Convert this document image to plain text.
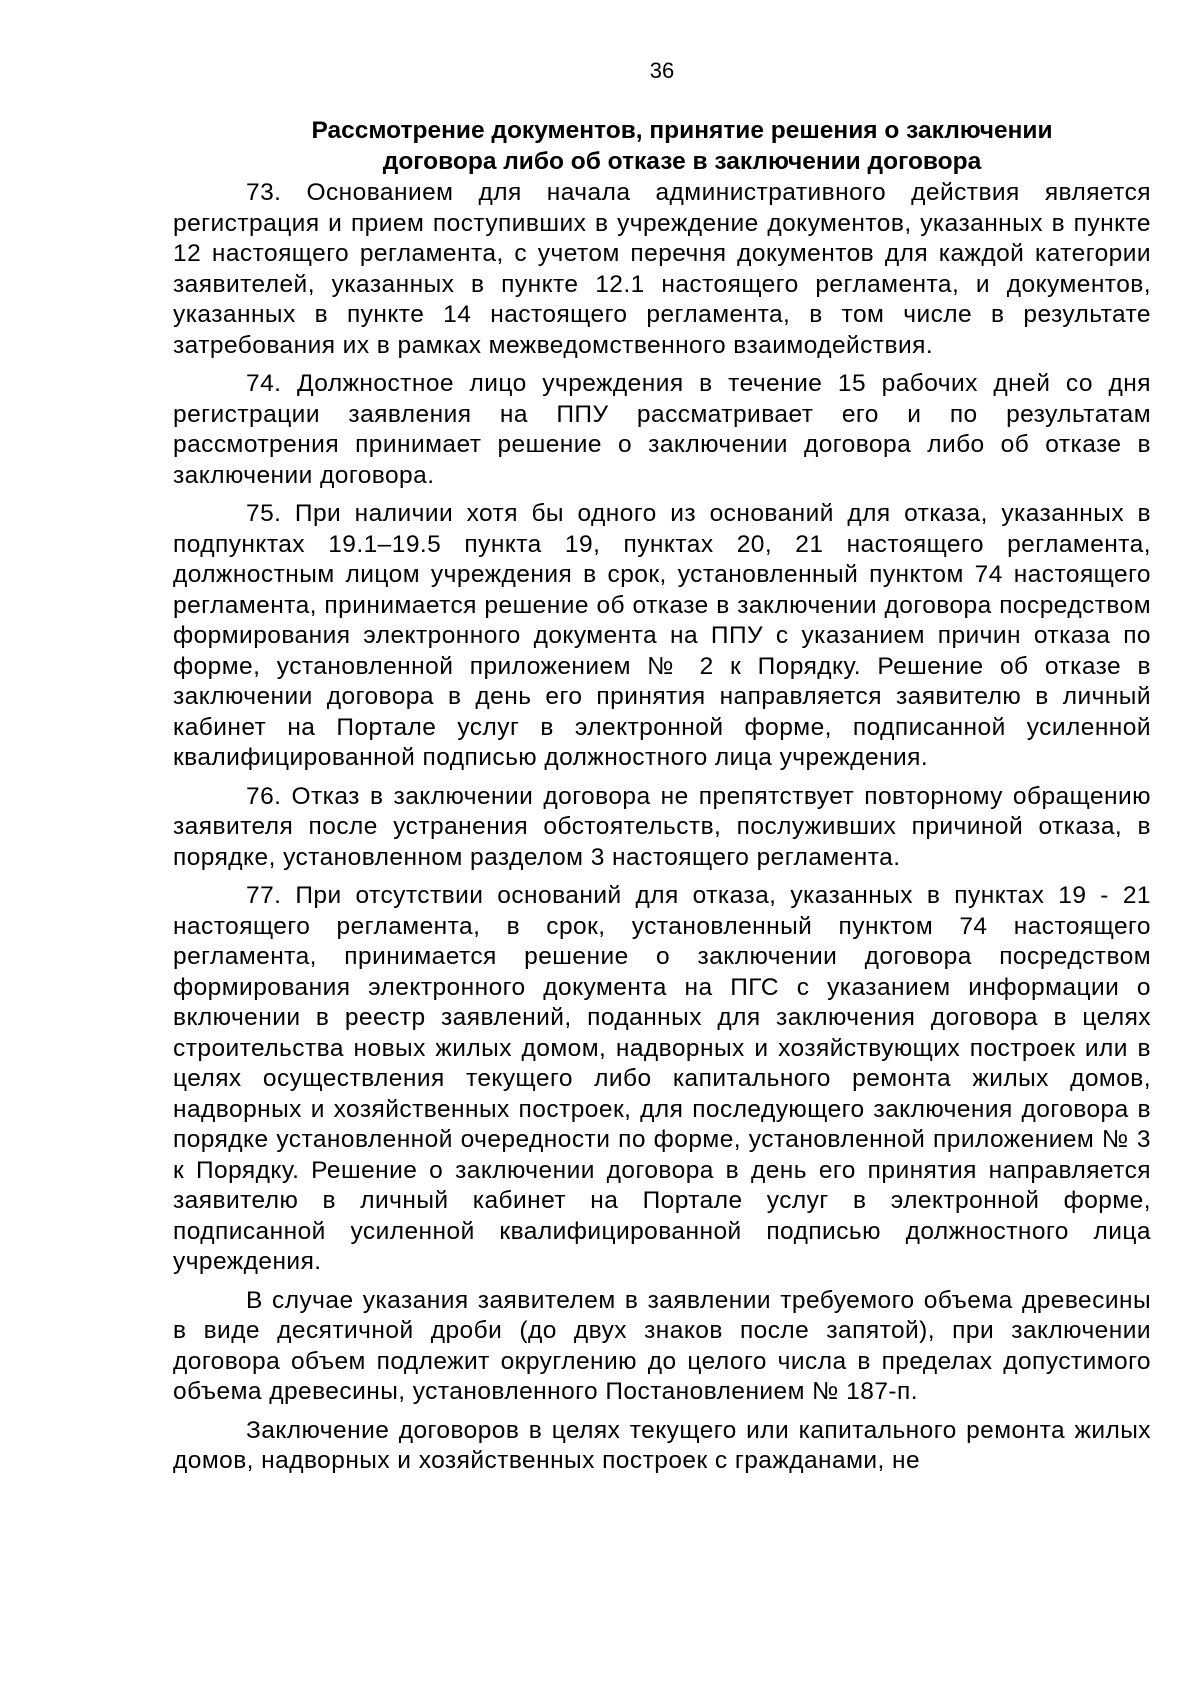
36
Рассмотрение документов, принятие решения о заключении
договора либо об отказе в заключении договора

73. Основанием для начала административного действия является регистрация и прием поступивших в учреждение документов, указанных в пункте 12 настоящего регламента, с учетом перечня документов для каждой категории заявителей, указанных в пункте 12.1 настоящего регламента, и документов, указанных в пункте 14 настоящего регламента, в том числе в результате затребования их в рамках межведомственного взаимодействия.

74. Должностное лицо учреждения в течение 15 рабочих дней со дня регистрации заявления на ППУ рассматривает его и по результатам рассмотрения принимает решение о заключении договора либо об отказе в заключении договора.

75. При наличии хотя бы одного из оснований для отказа, указанных в подпунктах 19.1–19.5 пункта 19, пунктах 20, 21 настоящего регламента, должностным лицом учреждения в срок, установленный пунктом 74 настоящего регламента, принимается решение об отказе в заключении договора посредством формирования электронного документа на ППУ с указанием причин отказа по форме, установленной приложением № 2 к Порядку. Решение об отказе в заключении договора в день его принятия направляется заявителю в личный кабинет на Портале услуг в электронной форме, подписанной усиленной квалифицированной подписью должностного лица учреждения.

76. Отказ в заключении договора не препятствует повторному обращению заявителя после устранения обстоятельств, послуживших причиной отказа, в порядке, установленном разделом 3 настоящего регламента.

77. При отсутствии оснований для отказа, указанных в пунктах 19 - 21 настоящего регламента, в срок, установленный пунктом 74 настоящего регламента, принимается решение о заключении договора посредством формирования электронного документа на ПГС с указанием информации о включении в реестр заявлений, поданных для заключения договора в целях строительства новых жилых домом, надворных и хозяйствующих построек или в целях осуществления текущего либо капитального ремонта жилых домов, надворных и хозяйственных построек, для последующего заключения договора в порядке установленной очередности по форме, установленной приложением № 3 к Порядку. Решение о заключении договора в день его принятия направляется заявителю в личный кабинет на Портале услуг в электронной форме, подписанной усиленной квалифицированной подписью должностного лица учреждения.

В случае указания заявителем в заявлении требуемого объема древесины в виде десятичной дроби (до двух знаков после запятой), при заключении договора объем подлежит округлению до целого числа в пределах допустимого объема древесины, установленного Постановлением № 187-п.

Заключение договоров в целях текущего или капитального ремонта жилых домов, надворных и хозяйственных построек с гражданами, не
